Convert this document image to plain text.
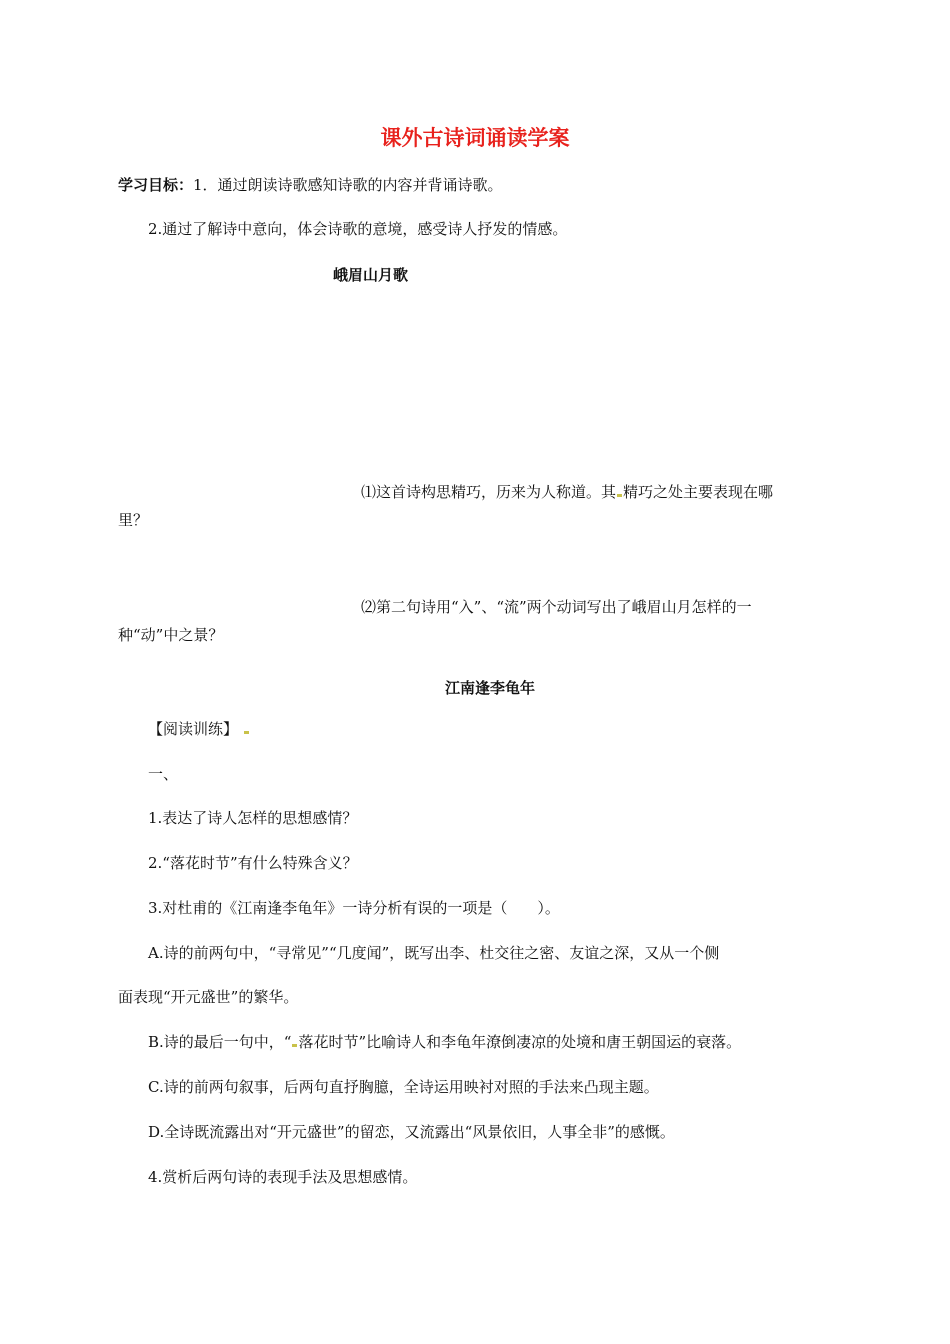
课外古诗词诵读学案
学习目标：1．通过朗读诗歌感知诗歌的内容并背诵诗歌。
2.通过了解诗中意向，体会诗歌的意境，感受诗人抒发的情感。
峨眉山月歌
⑴这首诗构思精巧，历来为人称道。其 精巧之处主要表现在哪
里？
⑵第二句诗用“入”、“流”两个动词写出了峨眉山月怎样的一
种“动”中之景？
江南逢李龟年
【阅读训练】
一、
1.表达了诗人怎样的思想感情？
2.“落花时节”有什么特殊含义？
3.对杜甫的《江南逢李龟年》一诗分析有误的一项是（　　）。
A.诗的前两句中，“寻常见”“几度闻”，既写出李、杜交往之密、友谊之深，又从一个侧
面表现“开元盛世”的繁华。
B.诗的最后一句中，“ 落花时节”比喻诗人和李龟年潦倒凄凉的处境和唐王朝国运的衰落。
C.诗的前两句叙事，后两句直抒胸臆，全诗运用映衬对照的手法来凸现主题。
D.全诗既流露出对“开元盛世”的留恋，又流露出“风景依旧，人事全非”的感慨。
4.赏析后两句诗的表现手法及思想感情。
